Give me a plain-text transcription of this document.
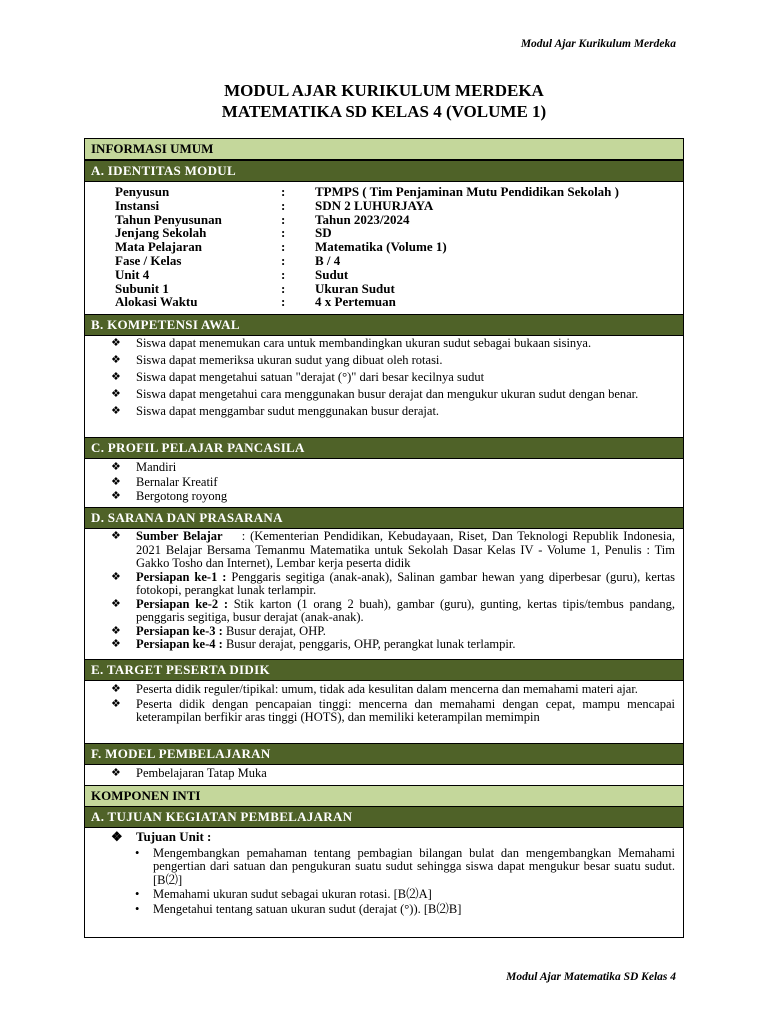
Modul Ajar Kurikulum Merdeka
MODUL AJAR KURIKULUM MERDEKA
MATEMATIKA SD KELAS 4 (VOLUME 1)
INFORMASI UMUM
A. IDENTITAS MODUL
Penyusun	:	TPMPS ( Tim Penjaminan Mutu Pendidikan Sekolah )
Instansi	:	SDN 2 LUHURJAYA
Tahun Penyusunan	:	Tahun 2023/2024
Jenjang Sekolah	:	SD
Mata Pelajaran	:	Matematika (Volume 1)
Fase / Kelas	:	B / 4
Unit 4	:	Sudut
Subunit 1	:	Ukuran Sudut
Alokasi Waktu	:	4 x Pertemuan
B. KOMPETENSI AWAL
❖ Siswa dapat menemukan cara untuk membandingkan ukuran sudut sebagai bukaan sisinya.
❖ Siswa dapat memeriksa ukuran sudut yang dibuat oleh rotasi.
❖ Siswa dapat mengetahui satuan "derajat (°)" dari besar kecilnya sudut
❖ Siswa dapat mengetahui cara menggunakan busur derajat dan mengukur ukuran sudut dengan benar.
❖ Siswa dapat menggambar sudut menggunakan busur derajat.
C. PROFIL PELAJAR PANCASILA
❖ Mandiri
❖ Bernalar Kreatif
❖ Bergotong royong
D. SARANA DAN PRASARANA
❖ Sumber Belajar    : (Kementerian Pendidikan, Kebudayaan, Riset, Dan Teknologi Republik Indonesia, 2021 Belajar Bersama Temanmu Matematika untuk Sekolah Dasar Kelas IV - Volume 1, Penulis : Tim Gakko Tosho dan Internet), Lembar kerja peserta didik
❖ Persiapan ke-1 : Penggaris segitiga (anak-anak), Salinan gambar hewan yang diperbesar (guru), kertas fotokopi, perangkat lunak terlampir.
❖ Persiapan ke-2 : Stik karton (1 orang 2 buah), gambar (guru), gunting, kertas tipis/tembus pandang, penggaris segitiga, busur derajat (anak-anak).
❖ Persiapan ke-3 : Busur derajat, OHP.
❖ Persiapan ke-4 : Busur derajat, penggaris, OHP, perangkat lunak terlampir.
E. TARGET PESERTA DIDIK
❖ Peserta didik reguler/tipikal: umum, tidak ada kesulitan dalam mencerna dan memahami materi ajar.
❖ Peserta didik dengan pencapaian tinggi: mencerna dan memahami dengan cepat, mampu mencapai keterampilan berfikir aras tinggi (HOTS), dan memiliki keterampilan memimpin
F. MODEL PEMBELAJARAN
❖ Pembelajaran Tatap Muka
KOMPONEN INTI
A. TUJUAN KEGIATAN PEMBELAJARAN
❖ Tujuan Unit :
• Mengembangkan pemahaman tentang pembagian bilangan bulat dan mengembangkan Memahami pengertian dari satuan dan pengukuran suatu sudut sehingga siswa dapat mengukur besar suatu sudut. [B⑵]
• Memahami ukuran sudut sebagai ukuran rotasi. [B⑵A]
• Mengetahui tentang satuan ukuran sudut (derajat (°)). [B⑵B]
Modul Ajar Matematika SD Kelas 4
